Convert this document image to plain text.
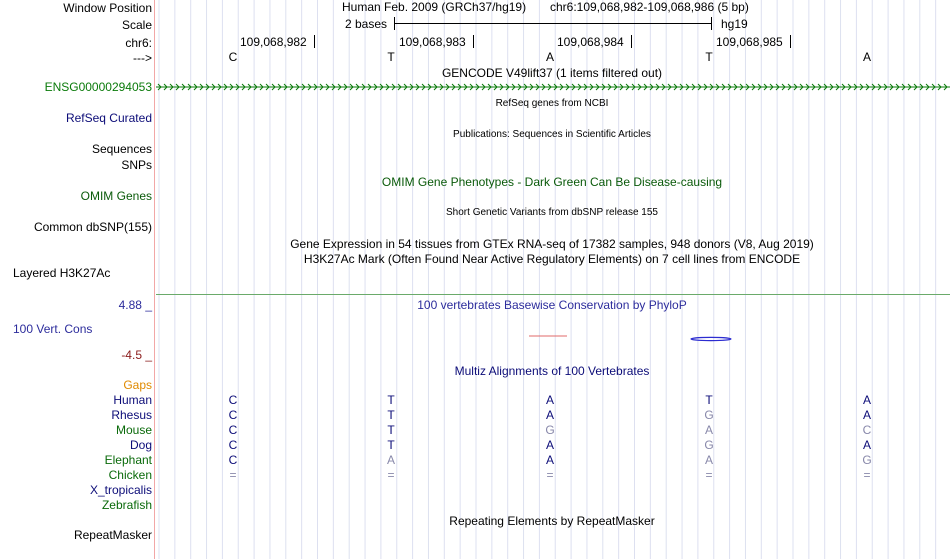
Window Position
Scale
chr6:
--->
Human Feb. 2009 (GRCh37/hg19) chr6:109,068,982-109,068,986 (5 bp)
2 bases	hg19
109,068,982	109,068,983	109,068,984	109,068,985
C	T	A	T	A
GENCODE V49lift37 (1 items filtered out)
ENSG00000294053
RefSeq genes from NCBI
RefSeq Curated
Publications: Sequences in Scientific Articles
Sequences
SNPs
OMIM Gene Phenotypes - Dark Green Can Be Disease-causing
OMIM Genes
Short Genetic Variants from dbSNP release 155
Common dbSNP(155)
Gene Expression in 54 tissues from GTEx RNA-seq of 17382 samples, 948 donors (V8, Aug 2019)
H3K27Ac Mark (Often Found Near Active Regulatory Elements) on 7 cell lines from ENCODE
Layered H3K27Ac
4.88 _	100 vertebrates Basewise Conservation by PhyloP
100 Vert. Cons
-4.5 _
Multiz Alignments of 100 Vertebrates
Gaps
Human	C	T	A	T	A
Rhesus	C	T	A	G	A
Mouse	C	T	G	A	C
Dog	C	T	A	G	A
Elephant	C	A	A	A	G
Chicken	=	=	=	=	=
X_tropicalis
Zebrafish
Repeating Elements by RepeatMasker
RepeatMasker
